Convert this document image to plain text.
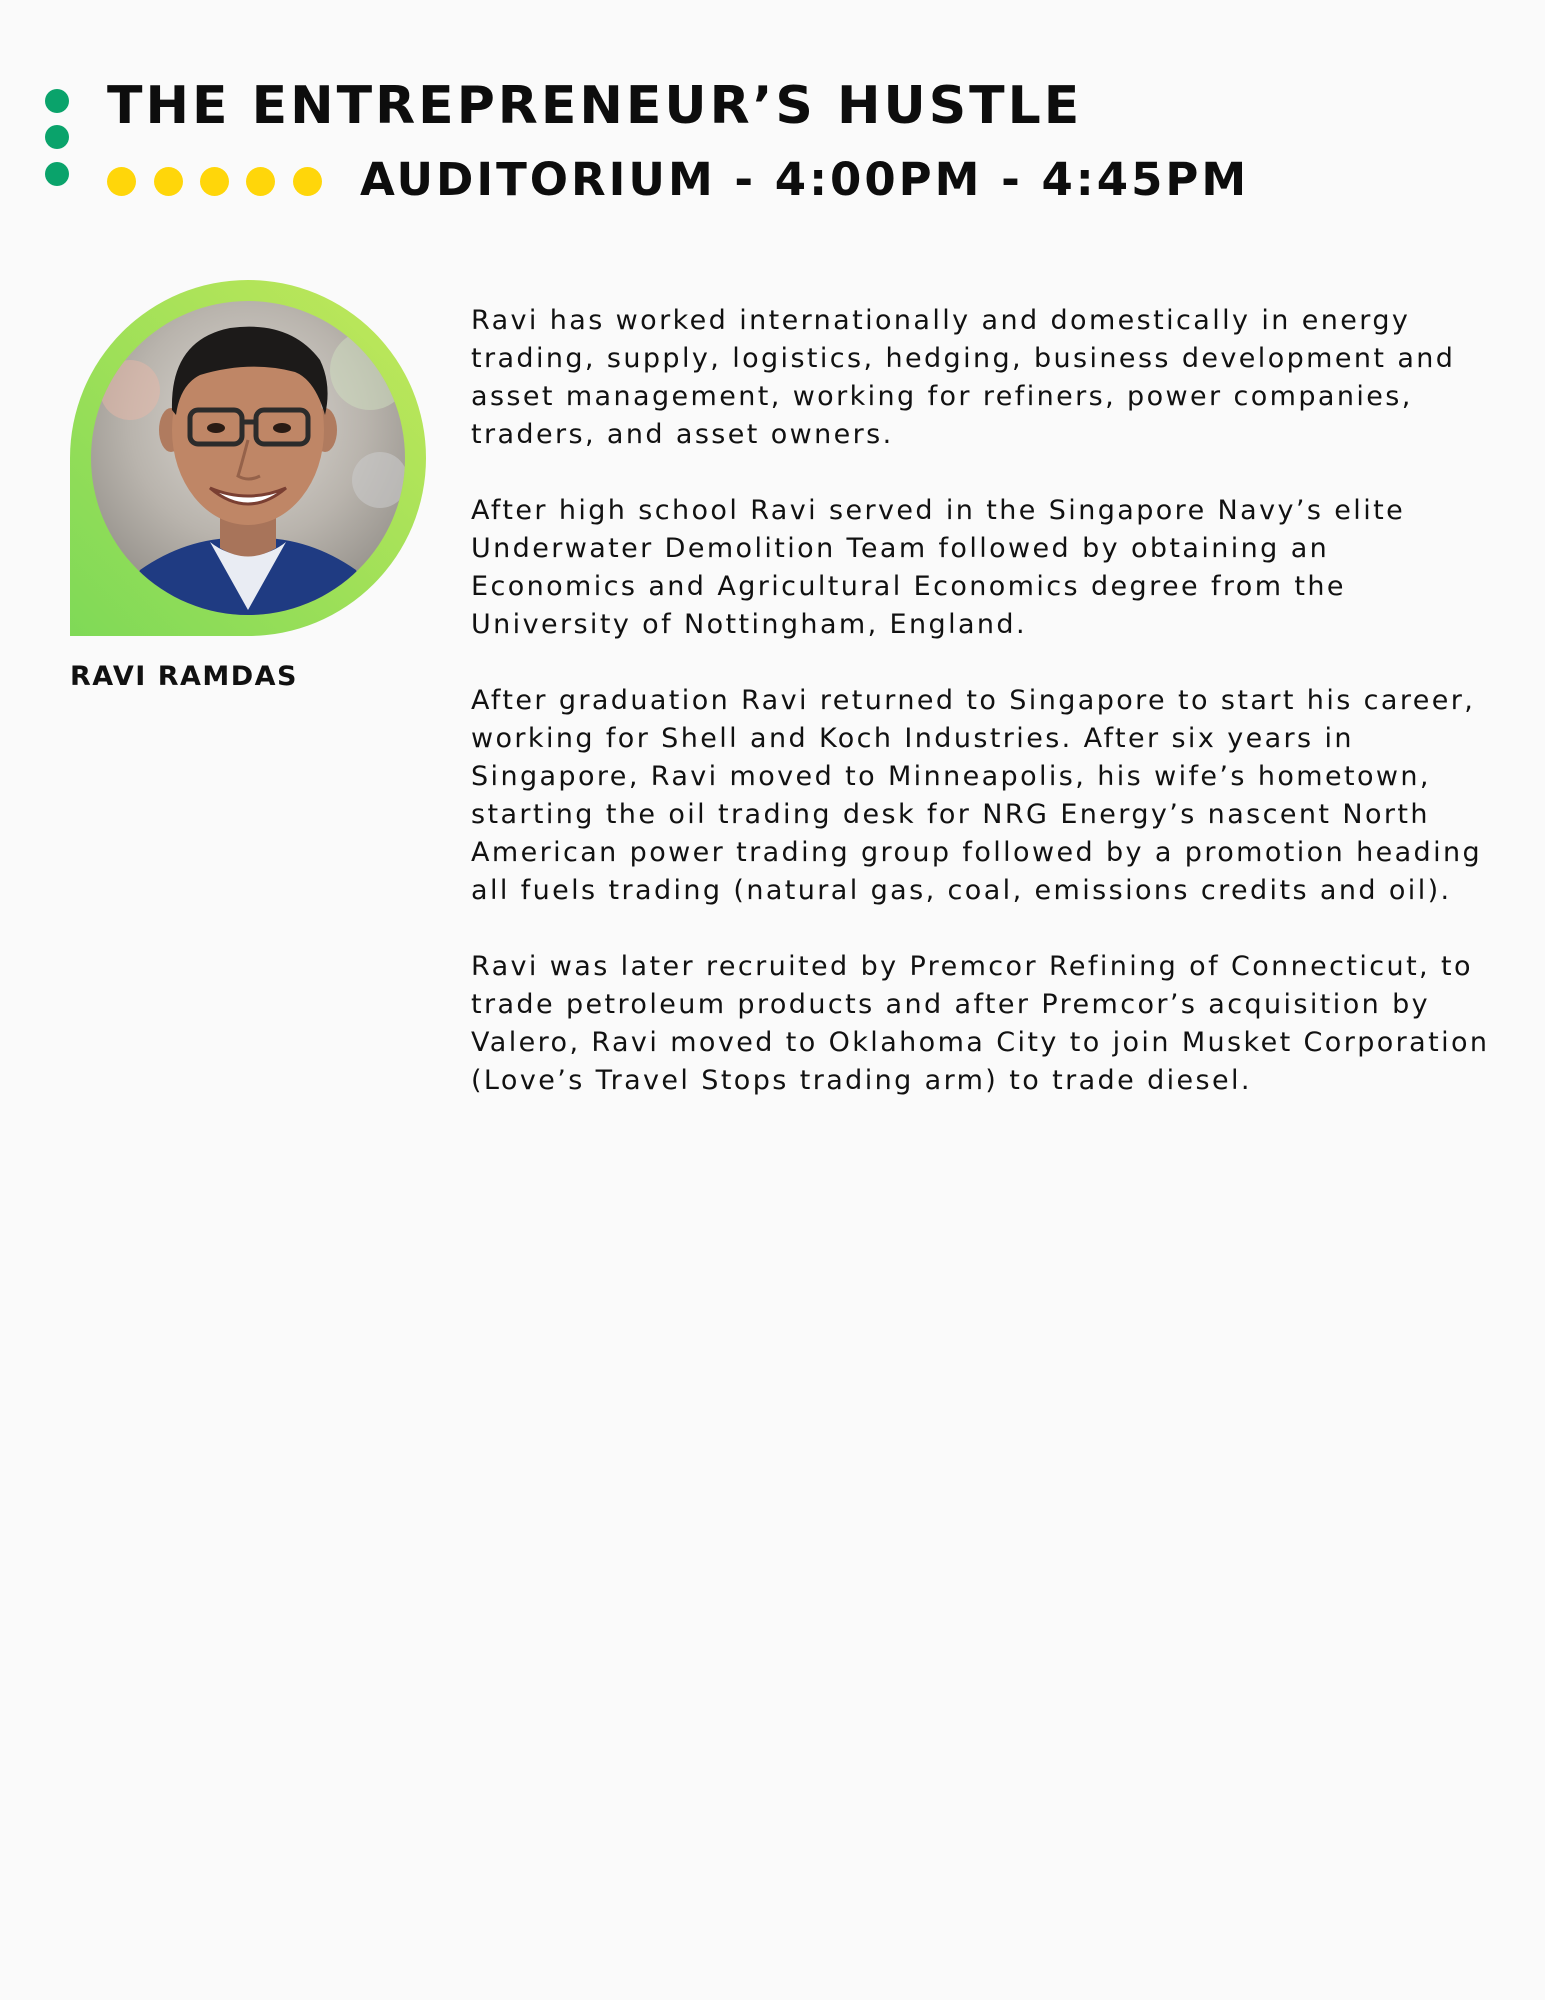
THE ENTREPRENEUR’S HUSTLE
AUDITORIUM - 4:00PM - 4:45PM
RAVI RAMDAS

Ravi has worked internationally and domestically in energy trading, supply, logistics, hedging, business development and asset management, working for refiners, power companies, traders, and asset owners.

After high school Ravi served in the Singapore Navy’s elite Underwater Demolition Team followed by obtaining an Economics and Agricultural Economics degree from the University of Nottingham, England.

After graduation Ravi returned to Singapore to start his career, working for Shell and Koch Industries. After six years in Singapore, Ravi moved to Minneapolis, his wife’s hometown, starting the oil trading desk for NRG Energy’s nascent North American power trading group followed by a promotion heading all fuels trading (natural gas, coal, emissions credits and oil).

Ravi was later recruited by Premcor Refining of Connecticut, to trade petroleum products and after Premcor’s acquisition by Valero, Ravi moved to Oklahoma City to join Musket Corporation (Love’s Travel Stops trading arm) to trade diesel.
